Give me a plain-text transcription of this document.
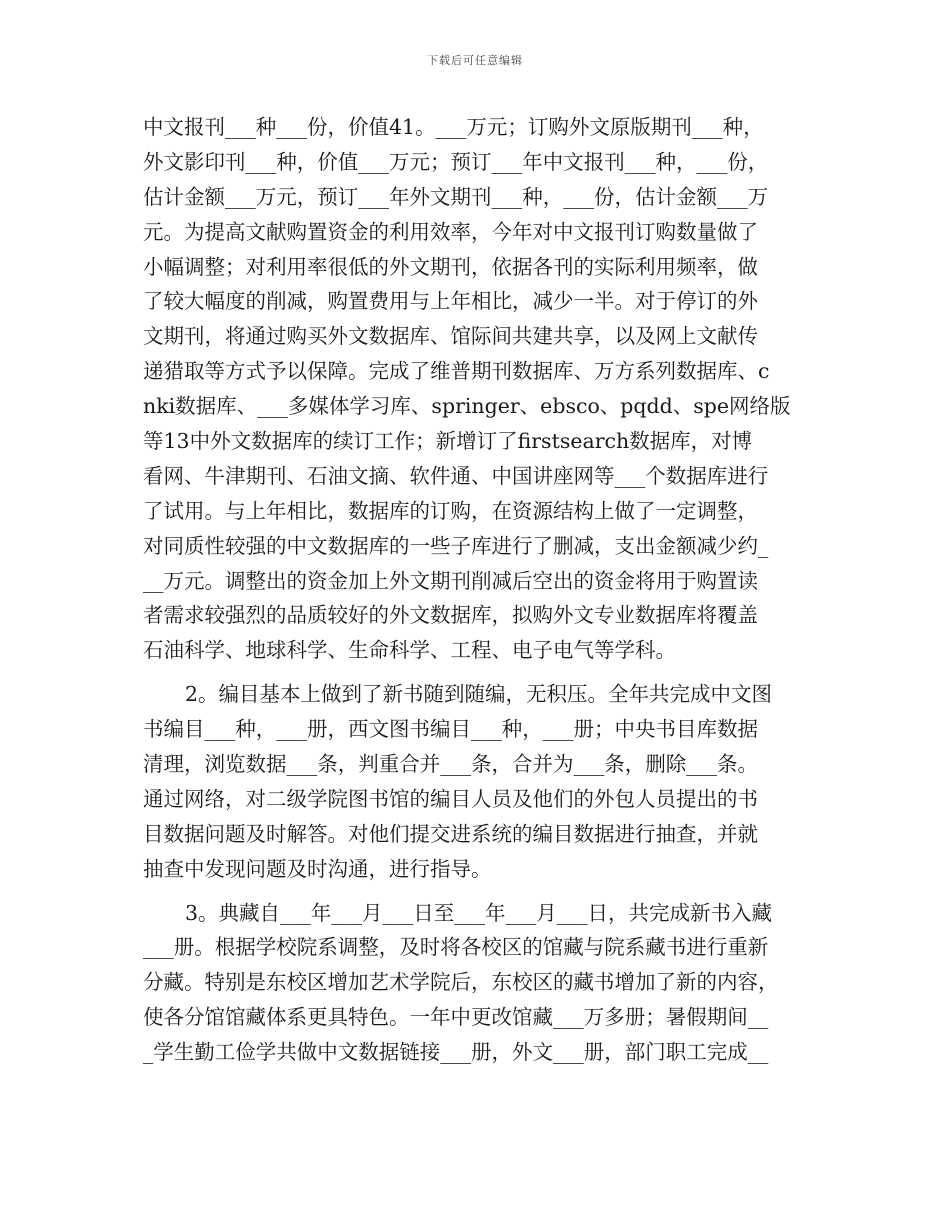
下载后可任意编辑
中文报刊___种___份，价值41。___万元；订购外文原版期刊___种，
外文影印刊___种，价值___万元；预订___年中文报刊___种，___份，
估计金额___万元，预订___年外文期刊___种，___份，估计金额___万
元。为提高文献购置资金的利用效率，今年对中文报刊订购数量做了
小幅调整；对利用率很低的外文期刊，依据各刊的实际利用频率，做
了较大幅度的削减，购置费用与上年相比，减少一半。对于停订的外
文期刊，将通过购买外文数据库、馆际间共建共享，以及网上文献传
递猎取等方式予以保障。完成了维普期刊数据库、万方系列数据库、c
nki数据库、___多媒体学习库、springer、ebsco、pqdd、spe网络版
等13中外文数据库的续订工作；新增订了firstsearch数据库，对博
看网、牛津期刊、石油文摘、软件通、中国讲座网等___个数据库进行
了试用。与上年相比，数据库的订购，在资源结构上做了一定调整，
对同质性较强的中文数据库的一些子库进行了删减，支出金额减少约_
__万元。调整出的资金加上外文期刊削减后空出的资金将用于购置读
者需求较强烈的品质较好的外文数据库，拟购外文专业数据库将覆盖
石油科学、地球科学、生命科学、工程、电子电气等学科。
2。编目基本上做到了新书随到随编，无积压。全年共完成中文图
书编目___种，___册，西文图书编目___种，___册；中央书目库数据
清理，浏览数据___条，判重合并___条，合并为___条，删除___条。
通过网络，对二级学院图书馆的编目人员及他们的外包人员提出的书
目数据问题及时解答。对他们提交进系统的编目数据进行抽查，并就
抽查中发现问题及时沟通，进行指导。
3。典藏自___年___月___日至___年___月___日，共完成新书入藏
___册。根据学校院系调整，及时将各校区的馆藏与院系藏书进行重新
分藏。特别是东校区增加艺术学院后，东校区的藏书增加了新的内容，
使各分馆馆藏体系更具特色。一年中更改馆藏___万多册；暑假期间__
_学生勤工俭学共做中文数据链接___册，外文___册，部门职工完成__
